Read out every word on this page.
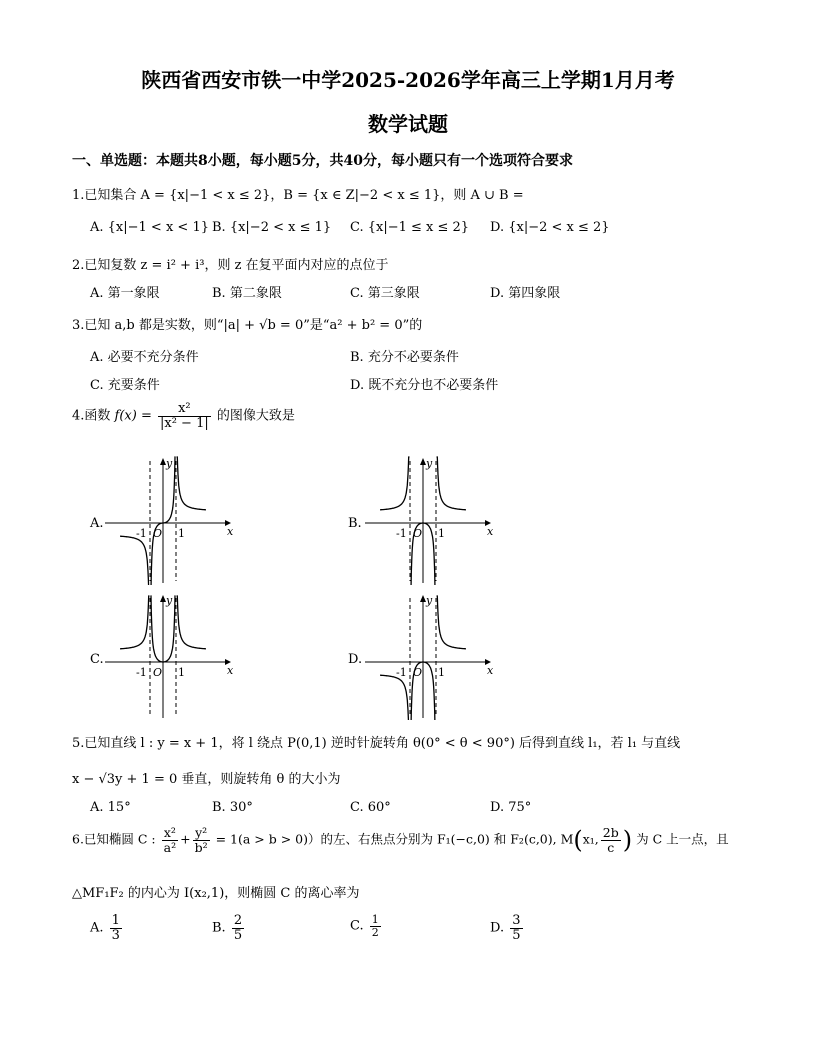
陕西省西安市铁一中学2025-2026学年高三上学期1月月考
数学试题
一、单选题：本题共8小题，每小题5分，共40分，每小题只有一个选项符合要求
1.已知集合 A = {x|−1 < x ≤ 2}，B = {x ∈ Z|−2 < x ≤ 1}，则 A ∪ B =
A. {x|−1 < x < 1} B. {x|−2 < x ≤ 1} C. {x|−1 ≤ x ≤ 2} D. {x|−2 < x ≤ 2}
2.已知复数 z = i² + i³，则 z 在复平面内对应的点位于
A. 第一象限	B. 第二象限	C. 第三象限	D. 第四象限
3.已知 a,b 都是实数，则“|a| + √b = 0”是“a² + b² = 0”的
A. 必要不充分条件	B. 充分不必要条件
C. 充要条件	D. 既不充分也不必要条件
4.函数 $f(x) = \frac{\text{x²}}{\text{|x² − 1|}}$ 的图像大致是
A.	B.
C.	D.
x
y
O
-1	1	x
y
O
-1	1
x
y
O
-1	1	x
y
O
-1	1
5.已知直线 l : y = x + 1，将 l 绕点 P(0,1) 逆时针旋转角 θ(0° < θ < 90°) 后得到直线 l₁，若 l₁ 与直线
x − √3y + 1 = 0 垂直，则旋转角 θ 的大小为
A. 15°	B. 30°	C. 60°	D. 75°
6.已知椭圆 C : $\frac{\text{x²}}{\text{a²}} + \frac{\text{y²}}{\text{b²}} = 1(a > b > 0)$）的左、右焦点分别为 F₁(−c,0) 和 F₂(c,0), M(x₁, $\frac{2b}{c}$ ) 为 C 上一点，且
△MF₁F₂ 的内心为 I(x₂,1)，则椭圆 C 的离心率为
A. $\frac{1}{3}$	B. $\frac{2}{5}$	C. $\frac{1}{2}$	D. $\frac{3}{5}$
